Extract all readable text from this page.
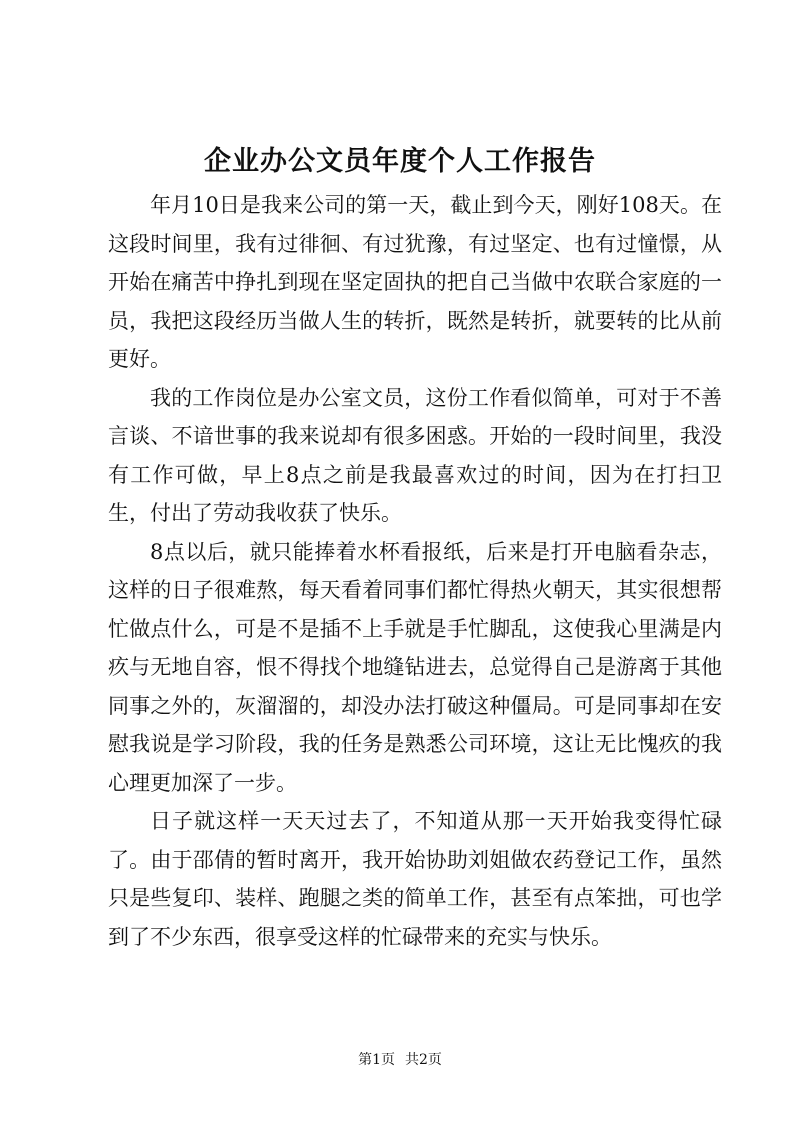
企业办公文员年度个人工作报告

年月10日是我来公司的第一天，截止到今天，刚好108天。在这段时间里，我有过徘徊、有过犹豫，有过坚定、也有过憧憬，从开始在痛苦中挣扎到现在坚定固执的把自己当做中农联合家庭的一员，我把这段经历当做人生的转折，既然是转折，就要转的比从前更好。

我的工作岗位是办公室文员，这份工作看似简单，可对于不善言谈、不谙世事的我来说却有很多困惑。开始的一段时间里，我没有工作可做，早上8点之前是我最喜欢过的时间，因为在打扫卫生，付出了劳动我收获了快乐。

8点以后，就只能捧着水杯看报纸，后来是打开电脑看杂志，这样的日子很难熬，每天看着同事们都忙得热火朝天，其实很想帮忙做点什么，可是不是插不上手就是手忙脚乱，这使我心里满是内疚与无地自容，恨不得找个地缝钻进去，总觉得自己是游离于其他同事之外的，灰溜溜的，却没办法打破这种僵局。可是同事却在安慰我说是学习阶段，我的任务是熟悉公司环境，这让无比愧疚的我心理更加深了一步。

日子就这样一天天过去了，不知道从那一天开始我变得忙碌了。由于邵倩的暂时离开，我开始协助刘姐做农药登记工作，虽然只是些复印、装样、跑腿之类的简单工作，甚至有点笨拙，可也学到了不少东西，很享受这样的忙碌带来的充实与快乐。

第1页 共2页
